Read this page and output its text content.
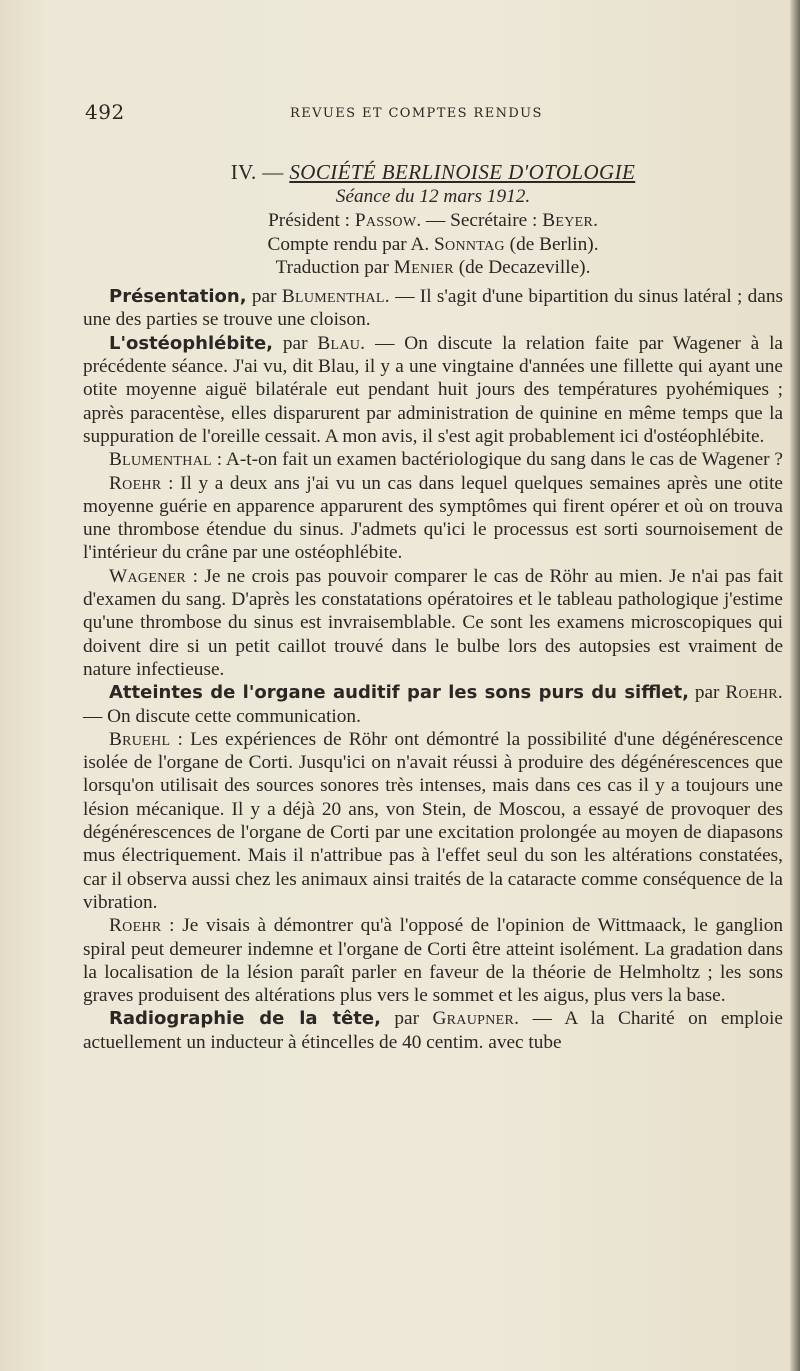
492	REVUES ET COMPTES RENDUS

IV. — SOCIÉTÉ BERLINOISE D'OTOLOGIE

Séance du 12 mars 1912.

Président : Passow. — Secrétaire : Beyer.

Compte rendu par A. Sonntag (de Berlin).

Traduction par Menier (de Decazeville).

Présentation, par Blumenthal. — Il s'agit d'une bipartition du sinus latéral ; dans une des parties se trouve une cloison.

L'ostéophlébite, par Blau. — On discute la relation faite par Wagener à la précédente séance. J'ai vu, dit Blau, il y a une vingtaine d'années une fillette qui ayant une otite moyenne aiguë bilatérale eut pendant huit jours des températures pyohémiques ; après paracentèse, elles disparurent par administration de quinine en même temps que la suppuration de l'oreille cessait. A mon avis, il s'est agit probablement ici d'ostéophlébite.

Blumenthal : A-t-on fait un examen bactériologique du sang dans le cas de Wagener ?

Roehr : Il y a deux ans j'ai vu un cas dans lequel quelques semaines après une otite moyenne guérie en apparence apparurent des symptômes qui firent opérer et où on trouva une thrombose étendue du sinus. J'admets qu'ici le processus est sorti sournoisement de l'intérieur du crâne par une ostéophlébite.

Wagener : Je ne crois pas pouvoir comparer le cas de Röhr au mien. Je n'ai pas fait d'examen du sang. D'après les constatations opératoires et le tableau pathologique j'estime qu'une thrombose du sinus est invraisemblable. Ce sont les examens microscopiques qui doivent dire si un petit caillot trouvé dans le bulbe lors des autopsies est vraiment de nature infectieuse.

Atteintes de l'organe auditif par les sons purs du sifflet, par Roehr. — On discute cette communication.

Bruehl : Les expériences de Röhr ont démontré la possibilité d'une dégénérescence isolée de l'organe de Corti. Jusqu'ici on n'avait réussi à produire des dégénérescences que lorsqu'on utilisait des sources sonores très intenses, mais dans ces cas il y a toujours une lésion mécanique. Il y a déjà 20 ans, von Stein, de Moscou, a essayé de provoquer des dégénérescences de l'organe de Corti par une excitation prolongée au moyen de diapasons mus électriquement. Mais il n'attribue pas à l'effet seul du son les altérations constatées, car il observa aussi chez les animaux ainsi traités de la cataracte comme conséquence de la vibration.

Roehr : Je visais à démontrer qu'à l'opposé de l'opinion de Wittmaack, le ganglion spiral peut demeurer indemne et l'organe de Corti être atteint isolément. La gradation dans la localisation de la lésion paraît parler en faveur de la théorie de Helmholtz ; les sons graves produisent des altérations plus vers le sommet et les aigus, plus vers la base.

Radiographie de la tête, par Graupner. — A la Charité on emploie actuellement un inducteur à étincelles de 40 centim. avec tube
